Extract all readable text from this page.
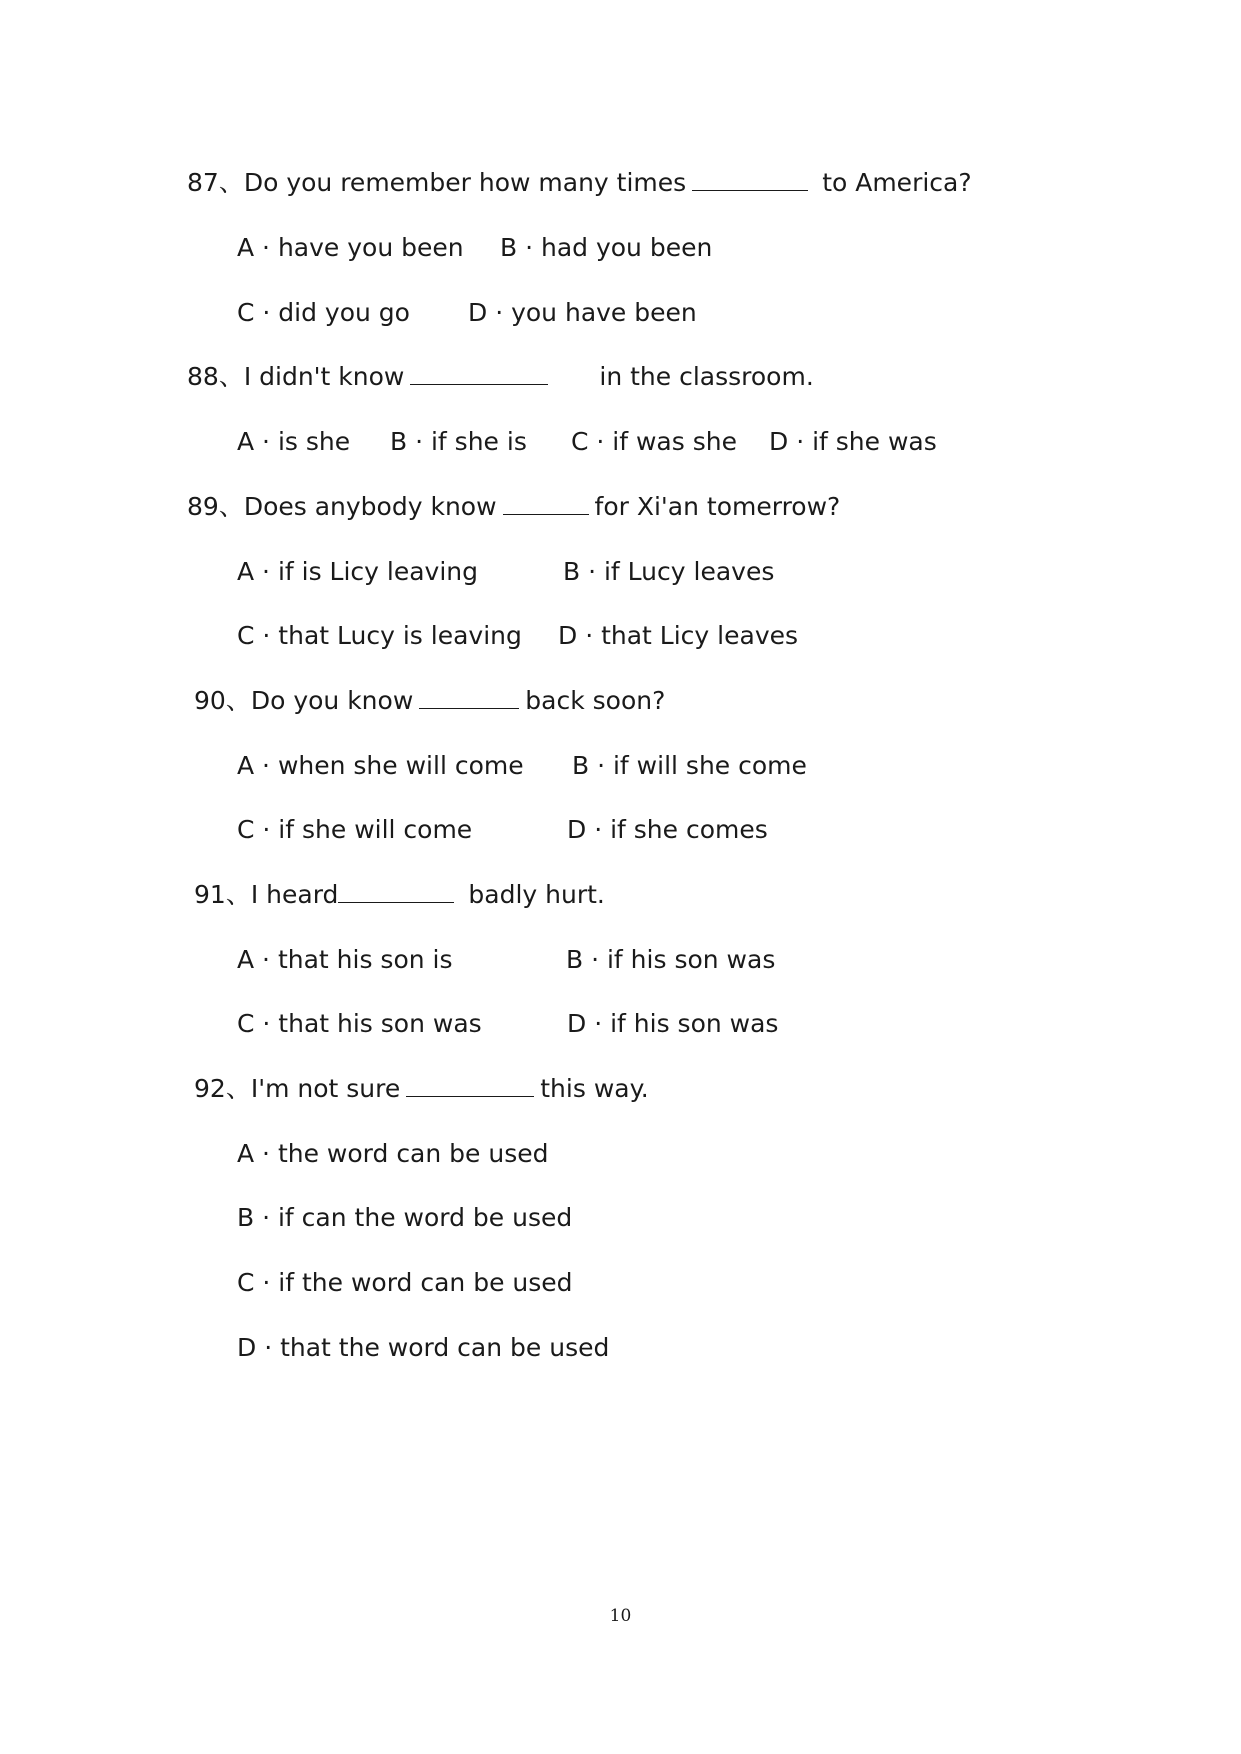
87、Do you remember how many times	to America?
A · have you been B · had you been
C · did you go D · you have been
88、I didn't know	in the classroom.
A · is she B · if she is C · if was she D · if she was
89、Does anybody know	for Xi'an tomerrow?
A · if is Licy leaving	B · if Lucy leaves
C · that Lucy is leaving D · that Licy leaves
90、Do you know	back soon?
A · when she will come B · if will she come
C · if she will come	D · if she comes
91、I heard	badly hurt.
A · that his son is	B · if his son was
C · that his son was	D · if his son was
92、I'm not sure	this way.
A · the word can be used
B · if can the word be used
C · if the word can be used
D · that the word can be used
10
